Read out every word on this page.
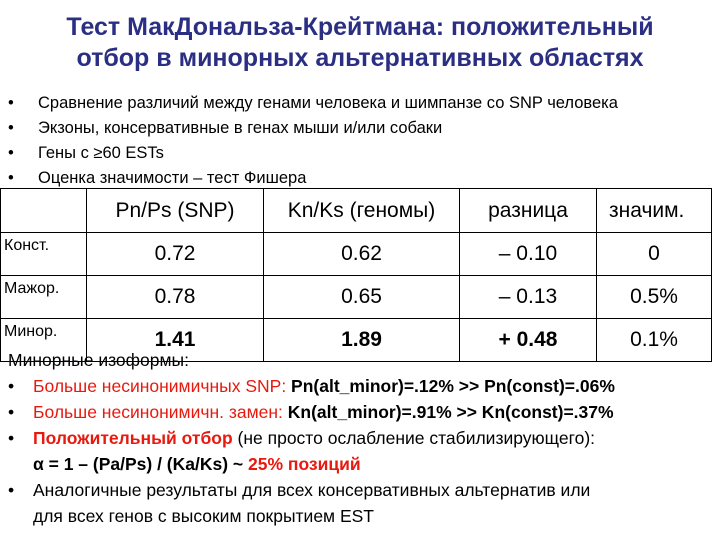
Тест МакДональза-Крейтмана: положительный
отбор в минорных альтернативных областях
•	Сравнение различий между генами человека и шимпанзе со SNP человека
•	Экзоны, консервативные в генах мыши и/или собаки
•	Гены с ≥60 ESTs
•	Оценка значимости – тест Фишера
	Pn/Ps (SNP)	Kn/Ks (геномы)	разница	значим.
Конст.	0.72	0.62	– 0.10	0
Мажор.	0.78	0.65	– 0.13	0.5%
Минор.	1.41	1.89	+ 0.48	0.1%
Минорные изоформы:
•	Больше несинонимичных SNP: Pn(alt_minor)=.12% >> Pn(const)=.06%
•	Больше несинонимичн. замен: Kn(alt_minor)=.91% >> Kn(const)=.37%
•	Положительный отбор (не просто ослабление стабилизирующего):
α = 1 – (Pa/Ps) / (Ka/Ks) ~ 25% позиций
•	Аналогичные результаты для всех консервативных альтернатив или
для всех генов с высоким покрытием EST
